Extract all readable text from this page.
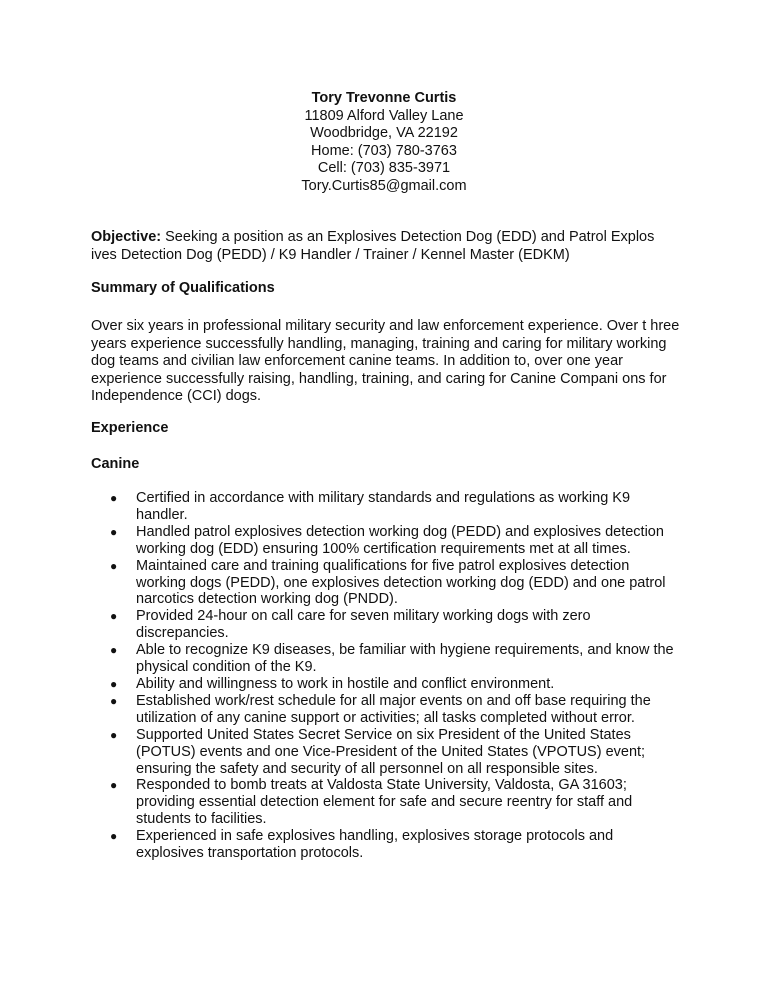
Tory Trevonne Curtis
11809 Alford Valley Lane
Woodbridge, VA 22192
Home: (703) 780-3763
Cell: (703) 835-3971
Tory.Curtis85@gmail.com
Objective: Seeking a position as an Explosives Detection Dog (EDD) and Patrol Explos ives Detection Dog (PEDD) / K9 Handler / Trainer / Kennel Master (EDKM)
Summary of Qualifications
Over six years in professional military security and law enforcement experience. Over t hree years experience successfully handling, managing, training and caring for military working dog teams and civilian law enforcement canine teams. In addition to, over one year experience successfully raising, handling, training, and caring for Canine Compani ons for Independence (CCI) dogs.
Experience
Canine
● Certified in accordance with military standards and regulations as working K9 handler.
● Handled patrol explosives detection working dog (PEDD) and explosives detection working dog (EDD) ensuring 100% certification requirements met at all times.
● Maintained care and training qualifications for five patrol explosives detection working dogs (PEDD), one explosives detection working dog (EDD) and one patrol narcotics detection working dog (PNDD).
● Provided 24-hour on call care for seven military working dogs with zero discrepancies.
● Able to recognize K9 diseases, be familiar with hygiene requirements, and know the physical condition of the K9.
● Ability and willingness to work in hostile and conflict environment.
● Established work/rest schedule for all major events on and off base requiring the utilization of any canine support or activities; all tasks completed without error.
● Supported United States Secret Service on six President of the United States (POTUS) events and one Vice-President of the United States (VPOTUS) event; ensuring the safety and security of all personnel on all responsible sites.
● Responded to bomb treats at Valdosta State University, Valdosta, GA 31603; providing essential detection element for safe and secure reentry for staff and students to facilities.
● Experienced in safe explosives handling, explosives storage protocols and explosives transportation protocols.
